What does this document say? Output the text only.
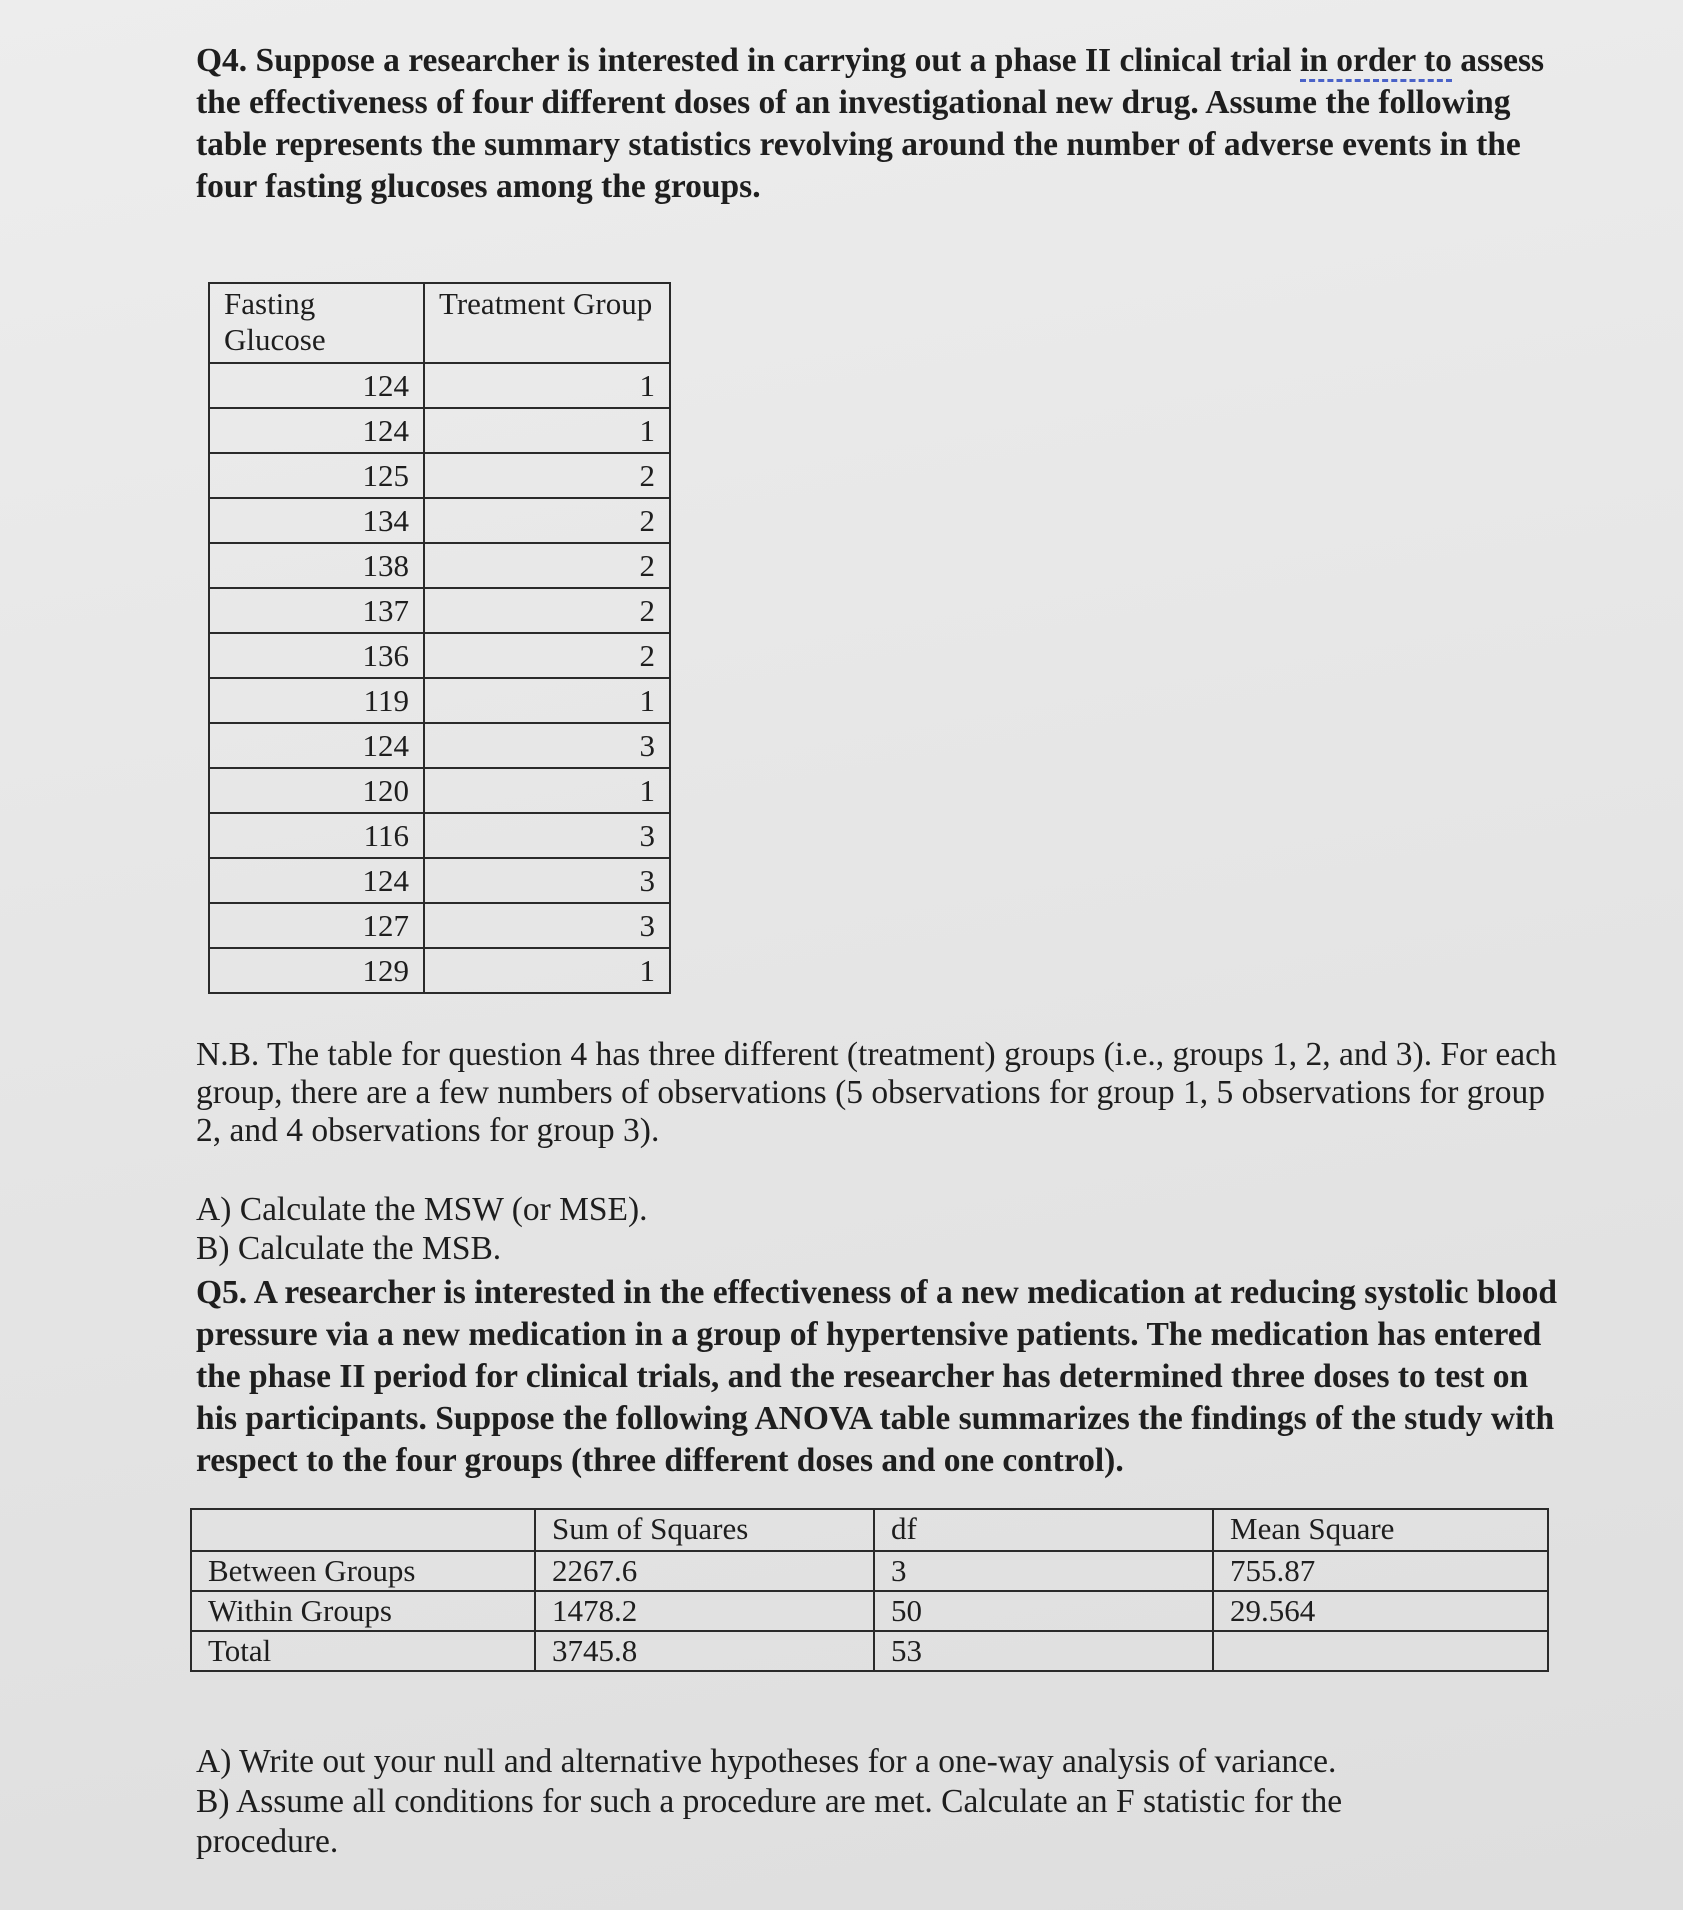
Q4. Suppose a researcher is interested in carrying out a phase II clinical trial in order to assess the effectiveness of four different doses of an investigational new drug. Assume the following table represents the summary statistics revolving around the number of adverse events in the four fasting glucoses among the groups.
Fasting Glucose	Treatment Group
124	1
124	1
125	2
134	2
138	2
137	2
136	2
119	1
124	3
120	1
116	3
124	3
127	3
129	1
N.B. The table for question 4 has three different (treatment) groups (i.e., groups 1, 2, and 3). For each group, there are a few numbers of observations (5 observations for group 1, 5 observations for group 2, and 4 observations for group 3).
A) Calculate the MSW (or MSE).
B) Calculate the MSB.
Q5. A researcher is interested in the effectiveness of a new medication at reducing systolic blood pressure via a new medication in a group of hypertensive patients. The medication has entered the phase II period for clinical trials, and the researcher has determined three doses to test on his participants. Suppose the following ANOVA table summarizes the findings of the study with respect to the four groups (three different doses and one control).
	Sum of Squares	df	Mean Square
Between Groups	2267.6	3	755.87
Within Groups	1478.2	50	29.564
Total	3745.8	53	
A) Write out your null and alternative hypotheses for a one-way analysis of variance.
B) Assume all conditions for such a procedure are met. Calculate an F statistic for the
procedure.
